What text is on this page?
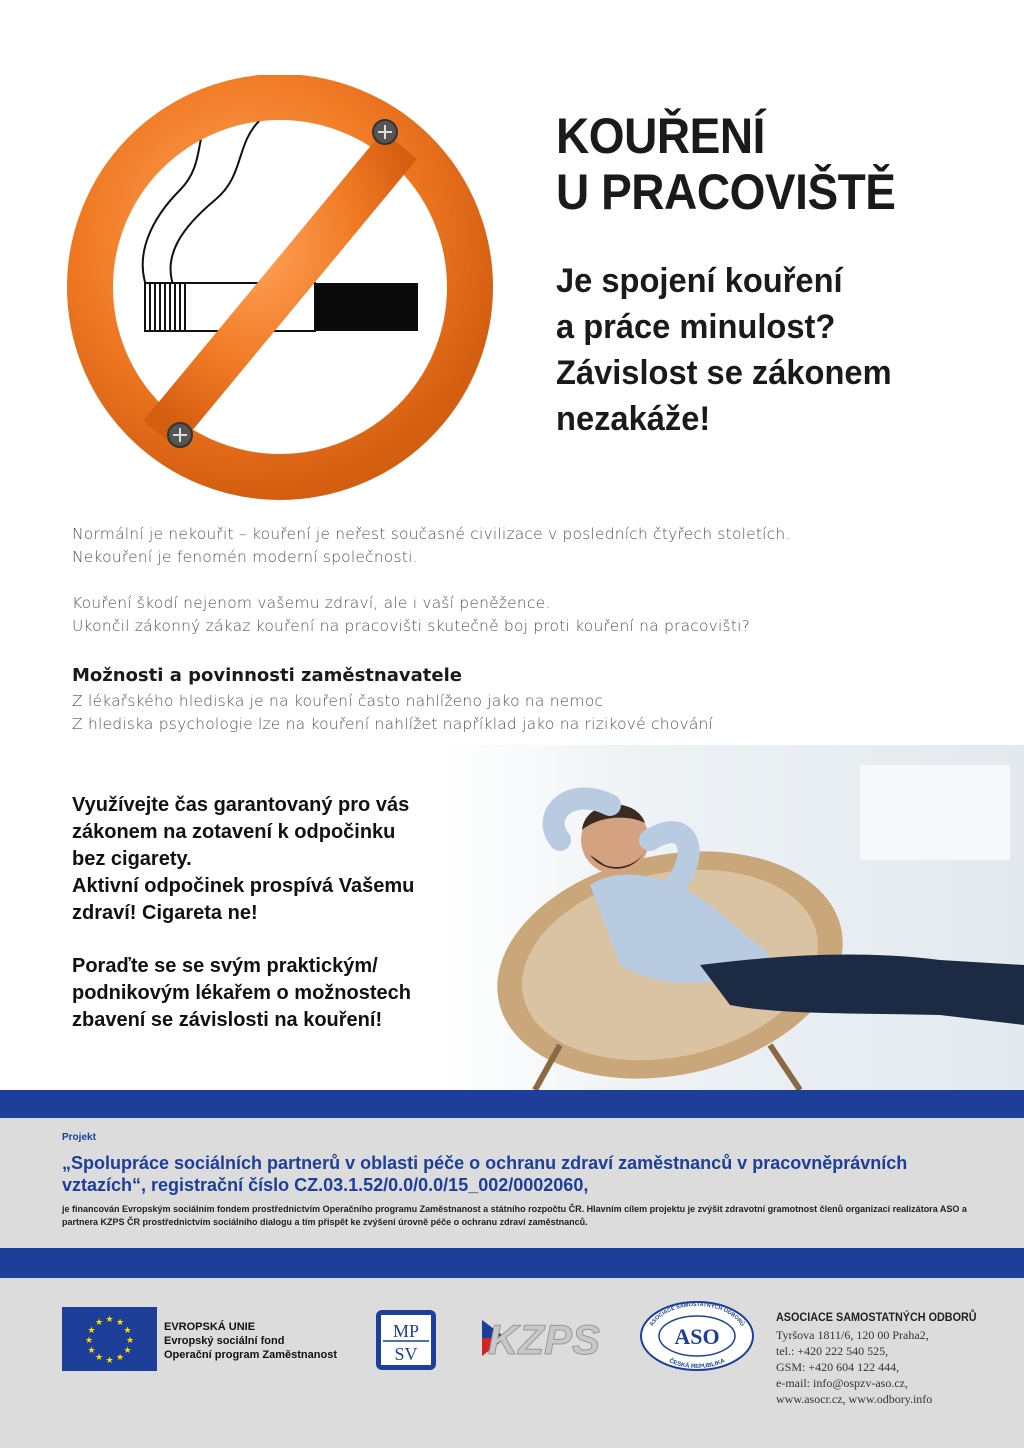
KOUŘENÍ
U PRACOVIŠTĚ
Je spojení kouření
a práce minulost?
Závislost se zákonem
nezakáže!
Normální je nekouřit – kouření je neřest současné civilizace v posledních čtyřech stoletích.
Nekouření je fenomén moderní společnosti.
Kouření škodí nejenom vašemu zdraví, ale i vaší peněžence.
Ukončil zákonný zákaz kouření na pracovišti skutečně boj proti kouření na pracovišti?
Možnosti a povinnosti zaměstnavatele
Z lékařského hlediska je na kouření často nahlíženo jako na nemoc
Z hlediska psychologie lze na kouření nahlížet například jako na rizikové chování
Využívejte čas garantovaný pro vás
zákonem na zotavení k odpočinku
bez cigarety.
Aktivní odpočinek prospívá Vašemu
zdraví! Cigareta ne!
Poraďte se se svým praktickým/
podnikovým lékařem o možnostech
zbavení se závislosti na kouření!
Projekt
„Spolupráce sociálních partnerů v oblasti péče o ochranu zdraví zaměstnanců v pracovněprávních vztazích“, registrační číslo CZ.03.1.52/0.0/0.0/15_002/0002060,
je financován Evropským sociálním fondem prostřednictvím Operačního programu Zaměstnanost a státního rozpočtu ČR. Hlavním cílem projektu je zvýšit zdravotní gramotnost členů organizací realizátora ASO a partnera KZPS ČR prostřednictvím sociálního dialogu a tím přispět ke zvýšení úrovně péče o ochranu zdraví zaměstnanců.
★ ★
★
★
★
★
★
★
★
★
★
★	EVROPSKÁ UNIE
Evropský sociální fond
Operační program Zaměstnanost
MP
SV KZPS	ASOCIACE SAMOSTATNÝCH ODBORŮ
ČESKÁ REPUBLIKA
ASO
ASOCIACE SAMOSTATNÝCH ODBORŮ
Tyršova 1811/6, 120 00 Praha2,
tel.: +420 222 540 525,
GSM: +420 604 122 444,
e-mail: info@ospzv-aso.cz,
www.asocr.cz, www.odbory.info
